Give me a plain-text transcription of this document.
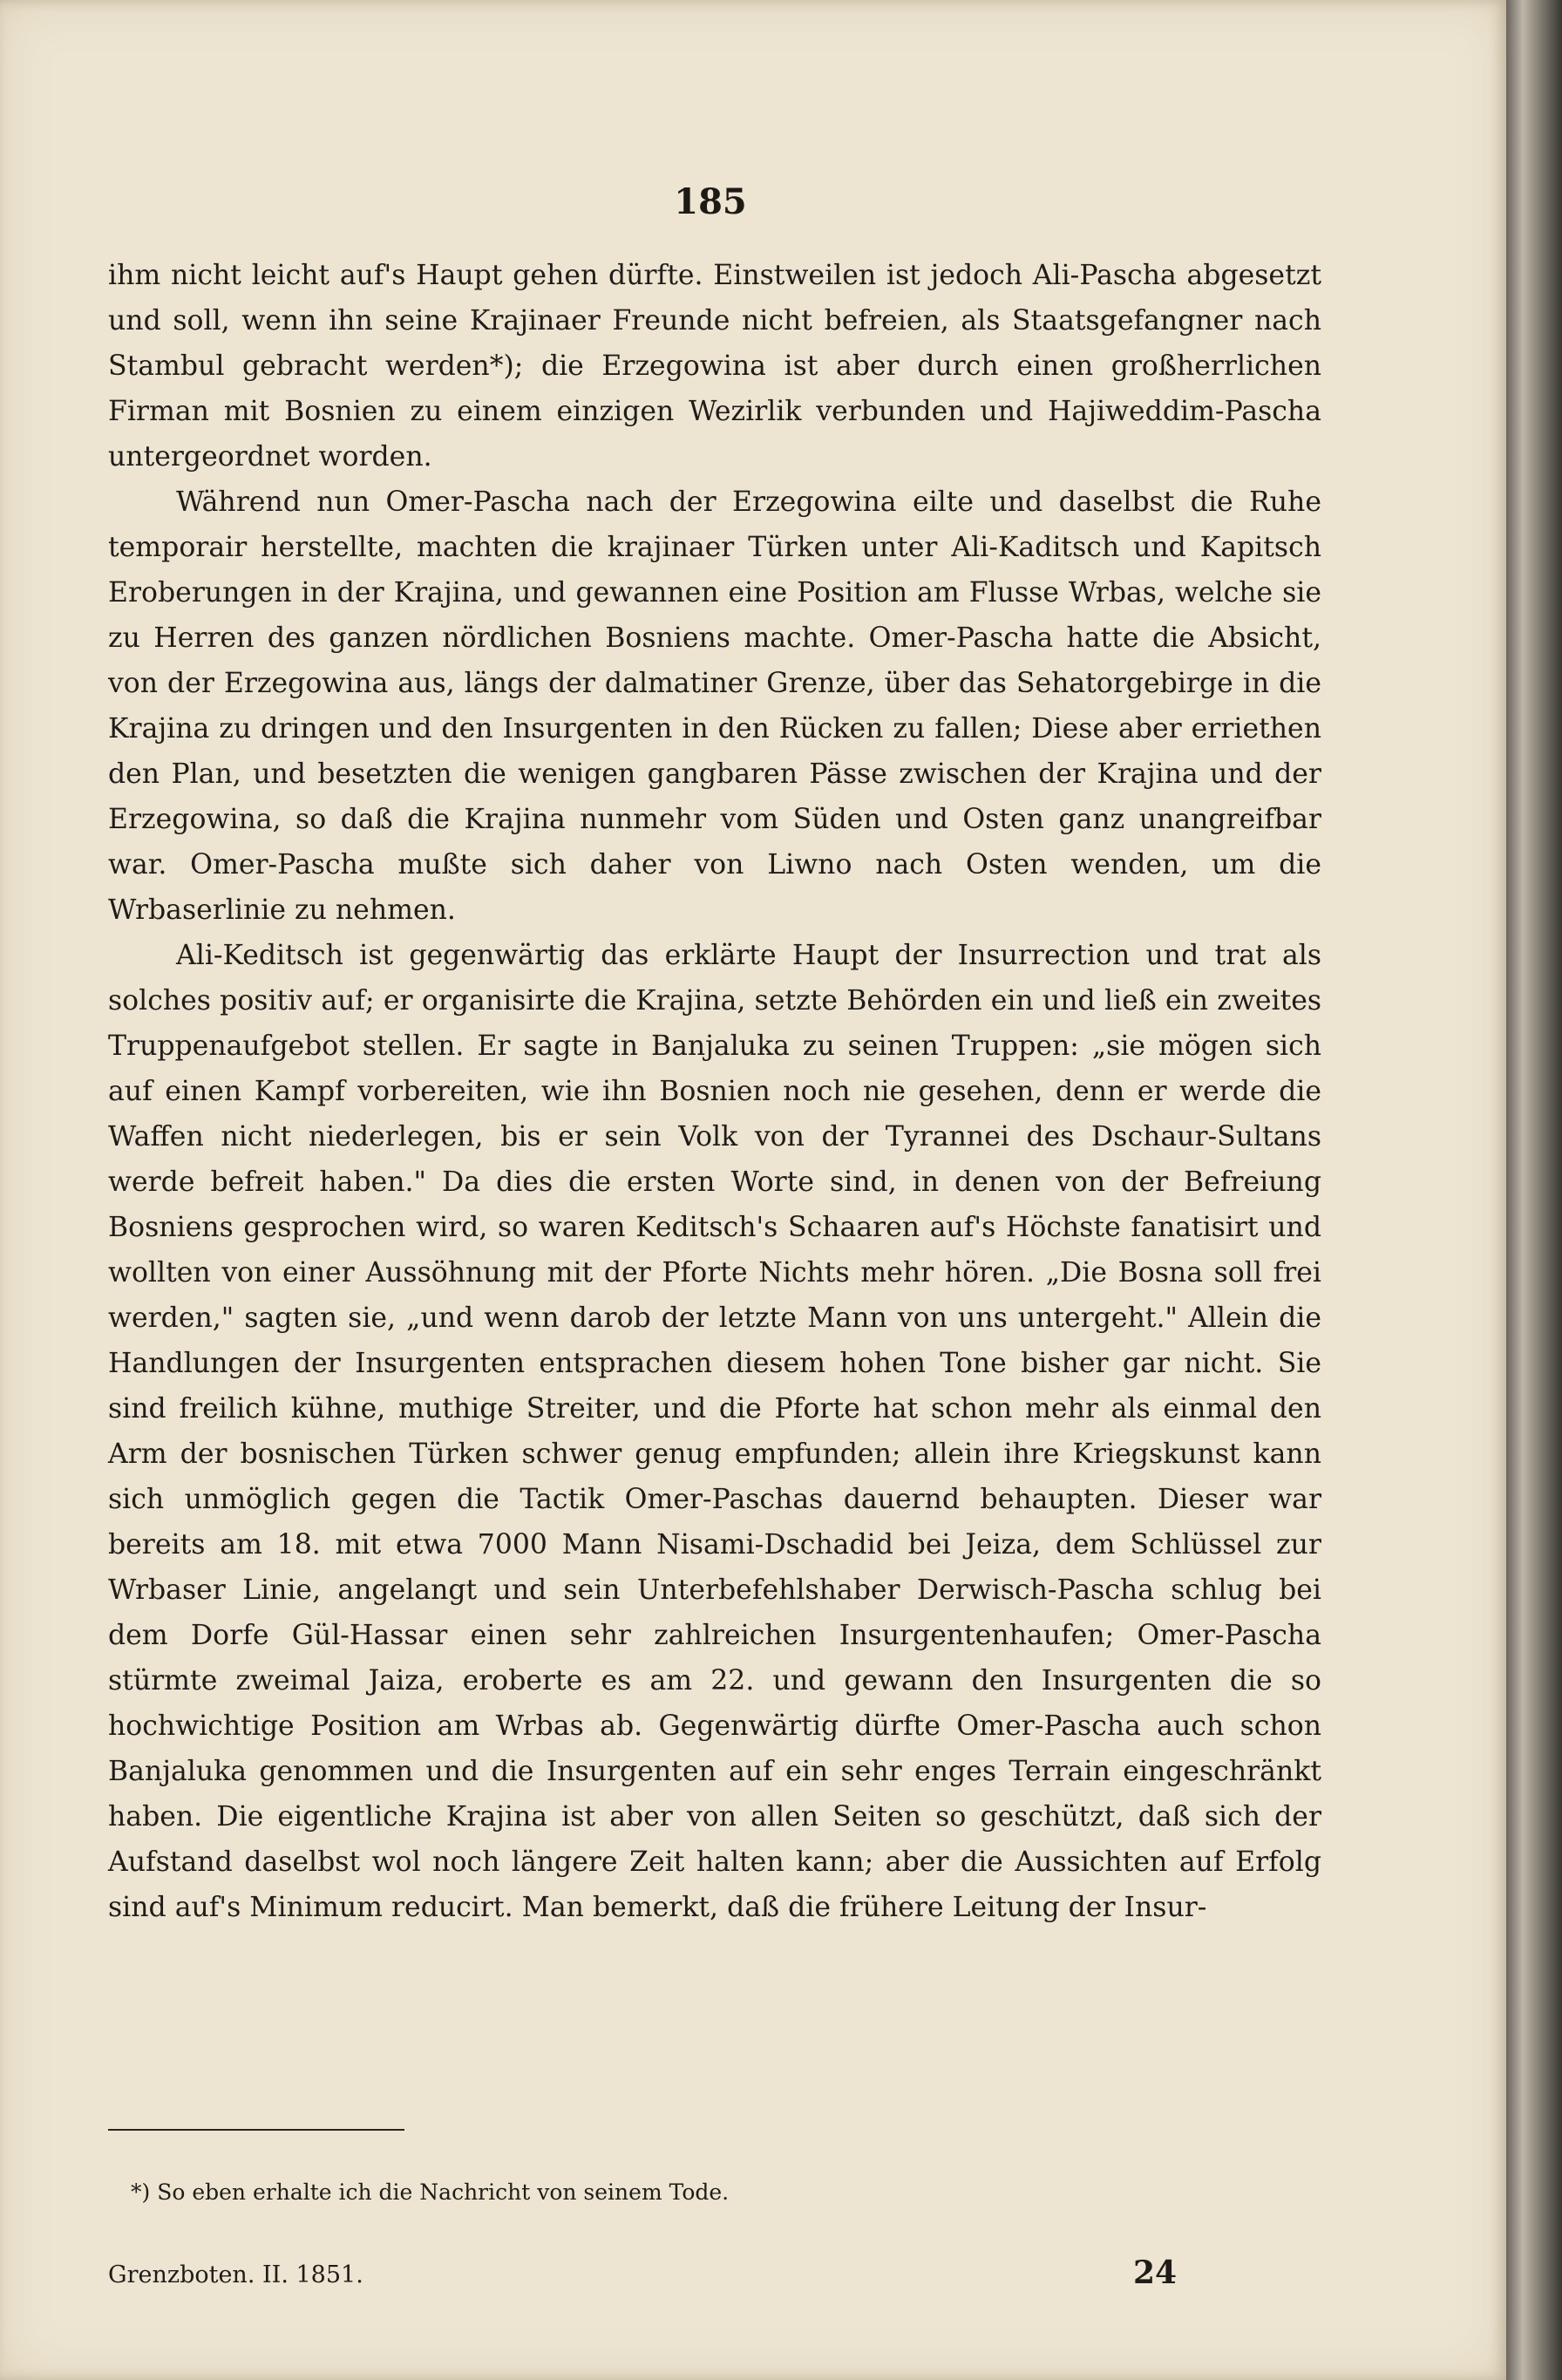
185

ihm nicht leicht auf's Haupt gehen dürfte. Einstweilen ist jedoch Ali-Pascha abgesetzt und soll, wenn ihn seine Krajinaer Freunde nicht befreien, als Staatsgefangner nach Stambul gebracht werden*); die Erzegowina ist aber durch einen großherrlichen Firman mit Bosnien zu einem einzigen Wezirlik verbunden und Hajiweddim-Pascha untergeordnet worden.

Während nun Omer-Pascha nach der Erzegowina eilte und daselbst die Ruhe temporair herstellte, machten die krajinaer Türken unter Ali-Kaditsch und Kapitsch Eroberungen in der Krajina, und gewannen eine Position am Flusse Wrbas, welche sie zu Herren des ganzen nördlichen Bosniens machte. Omer-Pascha hatte die Absicht, von der Erzegowina aus, längs der dalmatiner Grenze, über das Sehatorgebirge in die Krajina zu dringen und den Insurgenten in den Rücken zu fallen; Diese aber erriethen den Plan, und besetzten die wenigen gangbaren Pässe zwischen der Krajina und der Erzegowina, so daß die Krajina nunmehr vom Süden und Osten ganz unangreifbar war. Omer-Pascha mußte sich daher von Liwno nach Osten wenden, um die Wrbaserlinie zu nehmen.

Ali-Keditsch ist gegenwärtig das erklärte Haupt der Insurrection und trat als solches positiv auf; er organisirte die Krajina, setzte Behörden ein und ließ ein zweites Truppenaufgebot stellen. Er sagte in Banjaluka zu seinen Truppen: „sie mögen sich auf einen Kampf vorbereiten, wie ihn Bosnien noch nie gesehen, denn er werde die Waffen nicht niederlegen, bis er sein Volk von der Tyrannei des Dschaur-Sultans werde befreit haben." Da dies die ersten Worte sind, in denen von der Befreiung Bosniens gesprochen wird, so waren Keditsch's Schaaren auf's Höchste fanatisirt und wollten von einer Aussöhnung mit der Pforte Nichts mehr hören. „Die Bosna soll frei werden," sagten sie, „und wenn darob der letzte Mann von uns untergeht." Allein die Handlungen der Insurgenten entsprachen diesem hohen Tone bisher gar nicht. Sie sind freilich kühne, muthige Streiter, und die Pforte hat schon mehr als einmal den Arm der bosnischen Türken schwer genug empfunden; allein ihre Kriegskunst kann sich unmöglich gegen die Tactik Omer-Paschas dauernd behaupten. Dieser war bereits am 18. mit etwa 7000 Mann Nisami-Dschadid bei Jeiza, dem Schlüssel zur Wrbaser Linie, angelangt und sein Unterbefehlshaber Derwisch-Pascha schlug bei dem Dorfe Gül-Hassar einen sehr zahlreichen Insurgentenhaufen; Omer-Pascha stürmte zweimal Jaiza, eroberte es am 22. und gewann den Insurgenten die so hochwichtige Position am Wrbas ab. Gegenwärtig dürfte Omer-Pascha auch schon Banjaluka genommen und die Insurgenten auf ein sehr enges Terrain eingeschränkt haben. Die eigentliche Krajina ist aber von allen Seiten so geschützt, daß sich der Aufstand daselbst wol noch längere Zeit halten kann; aber die Aussichten auf Erfolg sind auf's Minimum reducirt. Man bemerkt, daß die frühere Leitung der Insur-

*) So eben erhalte ich die Nachricht von seinem Tode.
Grenzboten. II. 1851.	24
